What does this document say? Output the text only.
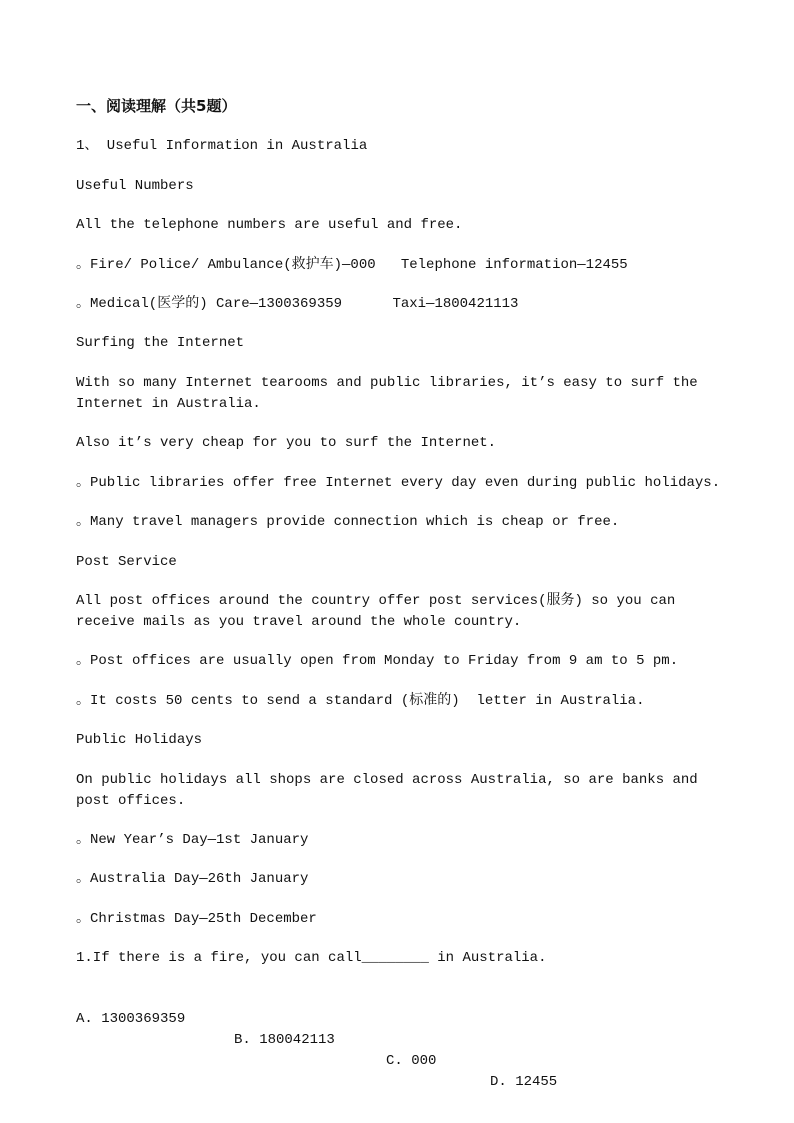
一、阅读理解（共5题）
1、 Useful Information in Australia
Useful Numbers
All the telephone numbers are useful and free.
。Fire/ Police/ Ambulance(救护车)—000   Telephone information—12455
。Medical(医学的) Care—1300369359      Taxi—1800421113
Surfing the Internet
With so many Internet tearooms and public libraries, it’s easy to surf the Internet in Australia.
Also it’s very cheap for you to surf the Internet.
。Public libraries offer free Internet every day even during public holidays.
。Many travel managers provide connection which is cheap or free.
Post Service
All post offices around the country offer post services(服务) so you can receive mails as you travel around the whole country.
。Post offices are usually open from Monday to Friday from 9 am to 5 pm.
。It costs 50 cents to send a standard (标准的)  letter in Australia.
Public Holidays
On public holidays all shops are closed across Australia, so are banks and post offices.
。New Year’s Day—1st January
。Australia Day—26th January
。Christmas Day—25th December
1.If there is a fire, you can call________ in Australia.

A. 1300369359

B. 180042113

C. 000

D. 12455
